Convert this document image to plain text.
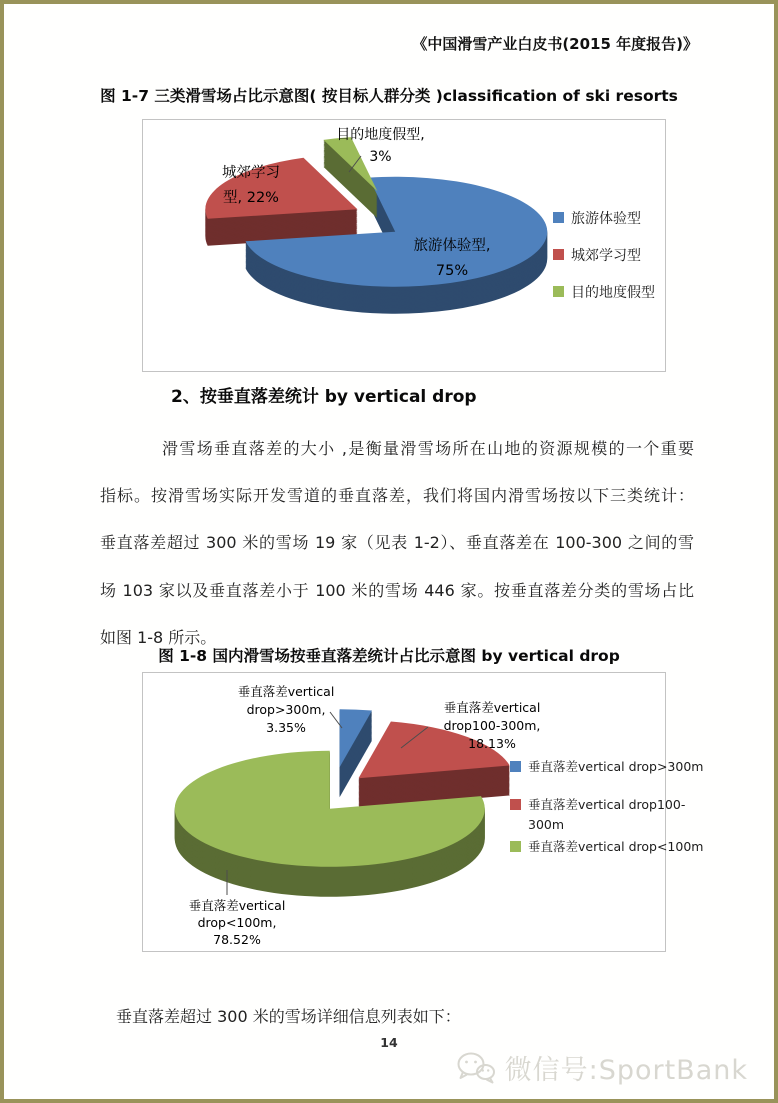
《中国滑雪产业白皮书(2015 年度报告)》
图 1-7 三类滑雪场占比示意图( 按目标人群分类 )classification of ski resorts
目的地度假型,
3%
城郊学习
型, 22%
旅游体验型,
75%
旅游体验型
城郊学习型
目的地度假型
2、按垂直落差统计 by vertical drop
滑雪场垂直落差的大小 ,是衡量滑雪场所在山地的资源规模的一个重要
指标。按滑雪场实际开发雪道的垂直落差，我们将国内滑雪场按以下三类统计：
垂直落差超过 300 米的雪场 19 家（见表 1-2）、垂直落差在 100-300 之间的雪
场 103 家以及垂直落差小于 100 米的雪场 446 家。按垂直落差分类的雪场占比
如图 1-8 所示。
图 1-8 国内滑雪场按垂直落差统计占比示意图 by vertical drop
垂直落差vertical
drop>300m,
3.35%
垂直落差vertical
drop100-300m,
18.13%
垂直落差vertical
drop<100m,
78.52%
垂直落差vertical drop>300m
垂直落差vertical drop100-
300m
垂直落差vertical drop<100m
垂直落差超过 300 米的雪场详细信息列表如下：
14
微信号:SportBank
